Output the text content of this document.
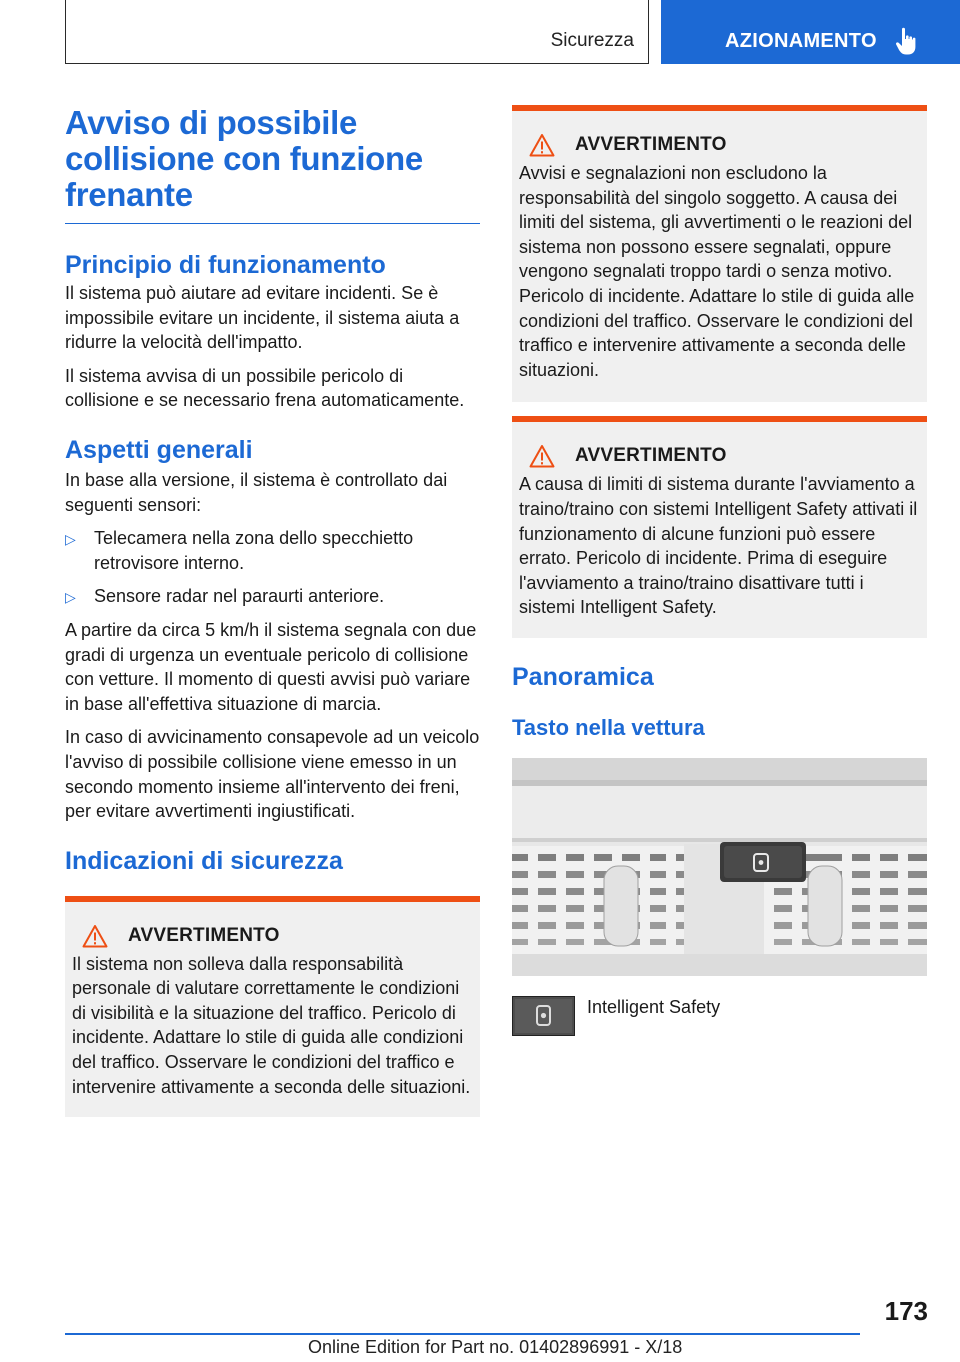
Sicurezza	AZIONAMENTO
Avviso di possibile collisione con funzione frenante
Principio di funzionamento

Il sistema può aiutare ad evitare incidenti. Se è impossibile evitare un incidente, il sistema aiuta a ridurre la velocità dell'impatto.

Il sistema avvisa di un possibile pericolo di collisione e se necessario frena automaticamente.

Aspetti generali

In base alla versione, il sistema è controllato dai seguenti sensori:

▷ Telecamera nella zona dello specchietto retrovisore interno.
▷ Sensore radar nel paraurti anteriore.

A partire da circa 5 km/h il sistema segnala con due gradi di urgenza un eventuale pericolo di collisione con vetture. Il momento di questi avvisi può variare in base all'effettiva situazione di marcia.

In caso di avvicinamento consapevole ad un veicolo l'avviso di possibile collisione viene emesso in un secondo momento insieme all'intervento dei freni, per evitare avvertimenti ingiustificati.

Indicazioni di sicurezza
AVVERTIMENTO

Il sistema non solleva dalla responsabilità personale di valutare correttamente le condizioni di visibilità e la situazione del traffico. Pericolo di incidente. Adattare lo stile di guida alle condizioni del traffico. Osservare le condizioni del traffico e intervenire attivamente a seconda delle situazioni.

AVVERTIMENTO

Avvisi e segnalazioni non escludono la responsabilità del singolo soggetto. A causa dei limiti del sistema, gli avvertimenti o le reazioni del sistema non possono essere segnalati, oppure vengono segnalati troppo tardi o senza motivo. Pericolo di incidente. Adattare lo stile di guida alle condizioni del traffico. Osservare le condizioni del traffico e intervenire attivamente a seconda delle situazioni.

AVVERTIMENTO

A causa di limiti di sistema durante l'avviamento a traino/traino con sistemi Intelligent Safety attivati il funzionamento di alcune funzioni può essere errato. Pericolo di incidente. Prima di eseguire l'avviamento a traino/traino disattivare tutti i sistemi Intelligent Safety.

Panoramica
Tasto nella vettura
Intelligent Safety
173
Online Edition for Part no. 01402896991 - X/18
